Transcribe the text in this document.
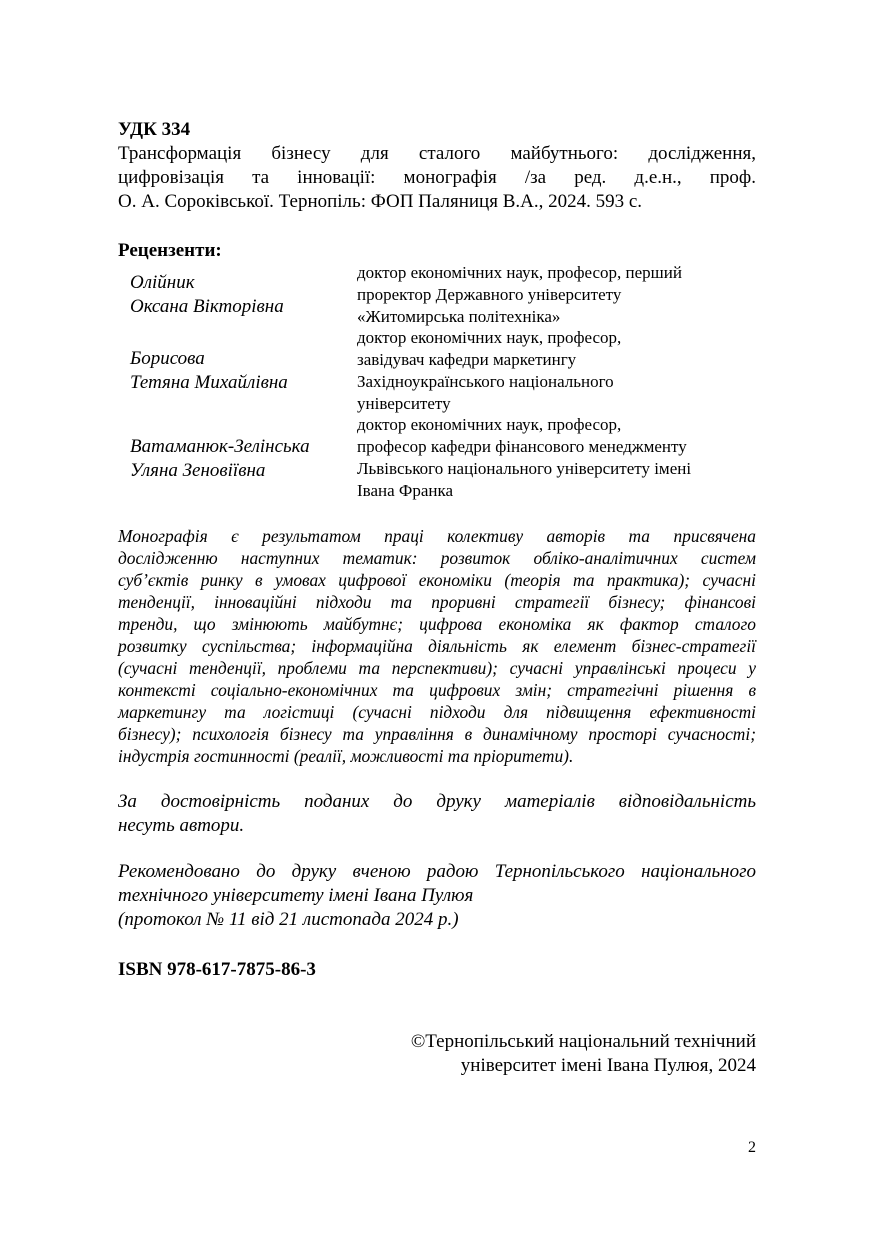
УДК 334
Трансформація бізнесу для сталого майбутнього: дослідження,
цифровізація та інновації: монографія /за ред. д.е.н., проф.
О. А. Сороківської. Тернопіль: ФОП Паляниця В.А., 2024. 593 с.
Рецензенти:
Олійник
Оксана Вікторівна
доктор економічних наук, професор, перший
проректор Державного університету
«Житомирська політехніка»
Борисова
Тетяна Михайлівна
доктор економічних наук, професор,
завідувач кафедри маркетингу
Західноукраїнського національного
університету
Ватаманюк-Зелінська
Уляна Зеновіївна
доктор економічних наук, професор,
професор кафедри фінансового менеджменту
Львівського національного університету імені
Івана Франка
Монографія є результатом праці колективу авторів та присвячена
дослідженню наступних тематик: розвиток обліко-аналітичних систем
суб’єктів ринку в умовах цифрової економіки (теорія та практика); сучасні
тенденції, інноваційні підходи та проривні стратегії бізнесу; фінансові
тренди, що змінюють майбутнє; цифрова економіка як фактор сталого
розвитку суспільства; інформаційна діяльність як елемент бізнес-стратегії
(сучасні тенденції, проблеми та перспективи); сучасні управлінські процеси у
контексті соціально-економічних та цифрових змін; стратегічні рішення в
маркетингу та логістиці (сучасні підходи для підвищення ефективності
бізнесу); психологія бізнесу та управління в динамічному просторі сучасності;
індустрія гостинності (реалії, можливості та пріоритети).
За достовірність поданих до друку матеріалів відповідальність
несуть автори.
Рекомендовано до друку вченою радою Тернопільського національного
технічного університету імені Івана Пулюя
(протокол № 11 від 21 листопада 2024 р.)
ISBN 978-617-7875-86-3
©Тернопільський національний технічний
університет імені Івана Пулюя, 2024
2
